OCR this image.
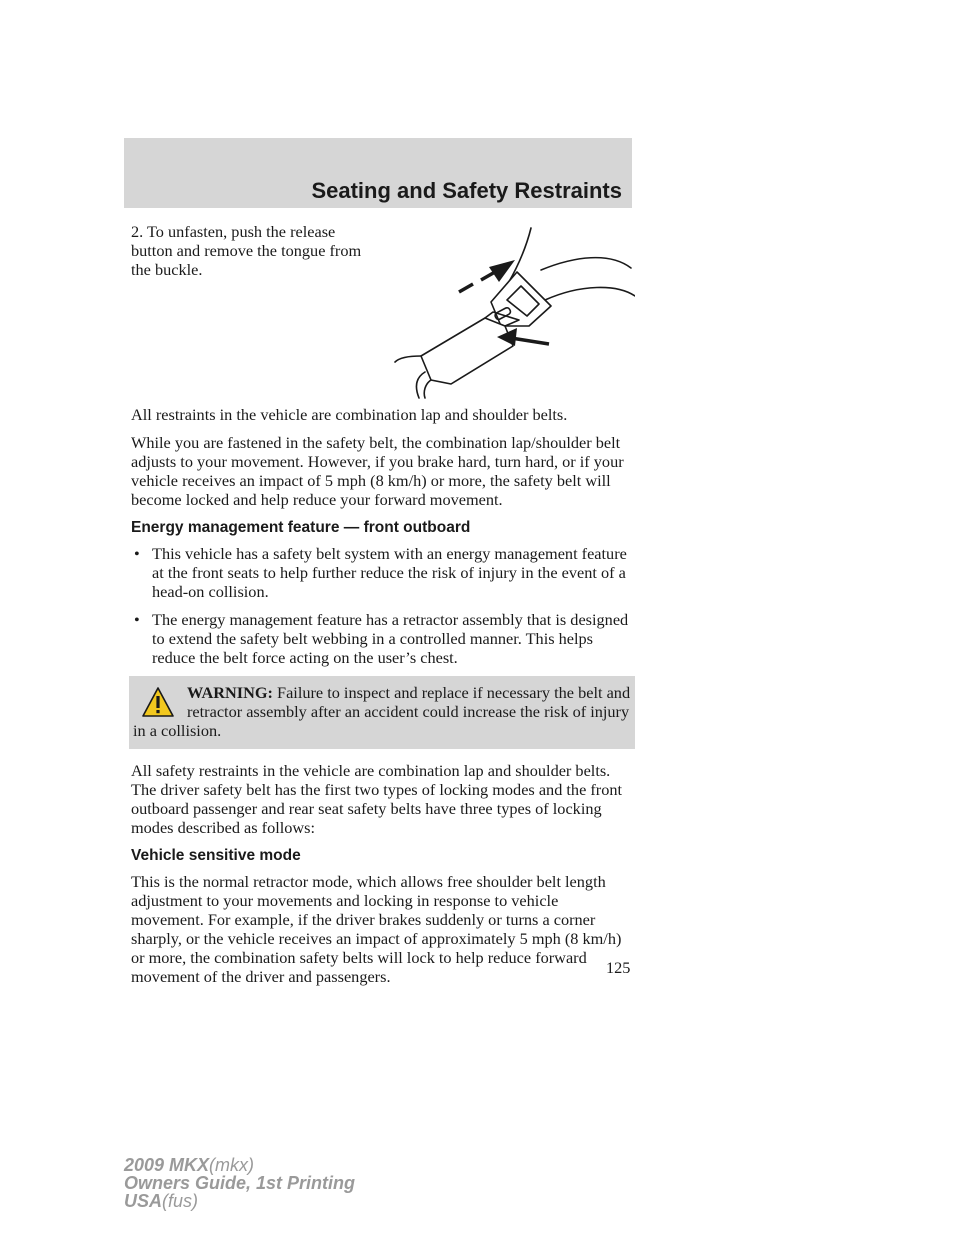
Seating and Safety Restraints
2. To unfasten, push the release button and remove the tongue from the buckle.

All restraints in the vehicle are combination lap and shoulder belts.

While you are fastened in the safety belt, the combination lap/shoulder belt adjusts to your movement. However, if you brake hard, turn hard, or if your vehicle receives an impact of 5 mph (8 km/h) or more, the safety belt will become locked and help reduce your forward movement.

Energy management feature — front outboard
• This vehicle has a safety belt system with an energy management feature at the front seats to help further reduce the risk of injury in the event of a head-on collision.
• The energy management feature has a retractor assembly that is designed to extend the safety belt webbing in a controlled manner. This helps reduce the belt force acting on the user’s chest.
WARNING: Failure to inspect and replace if necessary the belt and retractor assembly after an accident could increase the risk of injury in a collision.

All safety restraints in the vehicle are combination lap and shoulder belts. The driver safety belt has the first two types of locking modes and the front outboard passenger and rear seat safety belts have three types of locking modes described as follows:

Vehicle sensitive mode

This is the normal retractor mode, which allows free shoulder belt length adjustment to your movements and locking in response to vehicle movement. For example, if the driver brakes suddenly or turns a corner sharply, or the vehicle receives an impact of approximately 5 mph (8 km/h) or more, the combination safety belts will lock to help reduce forward movement of the driver and passengers.	125
2009 MKX(mkx)
Owners Guide, 1st Printing
USA(fus)
